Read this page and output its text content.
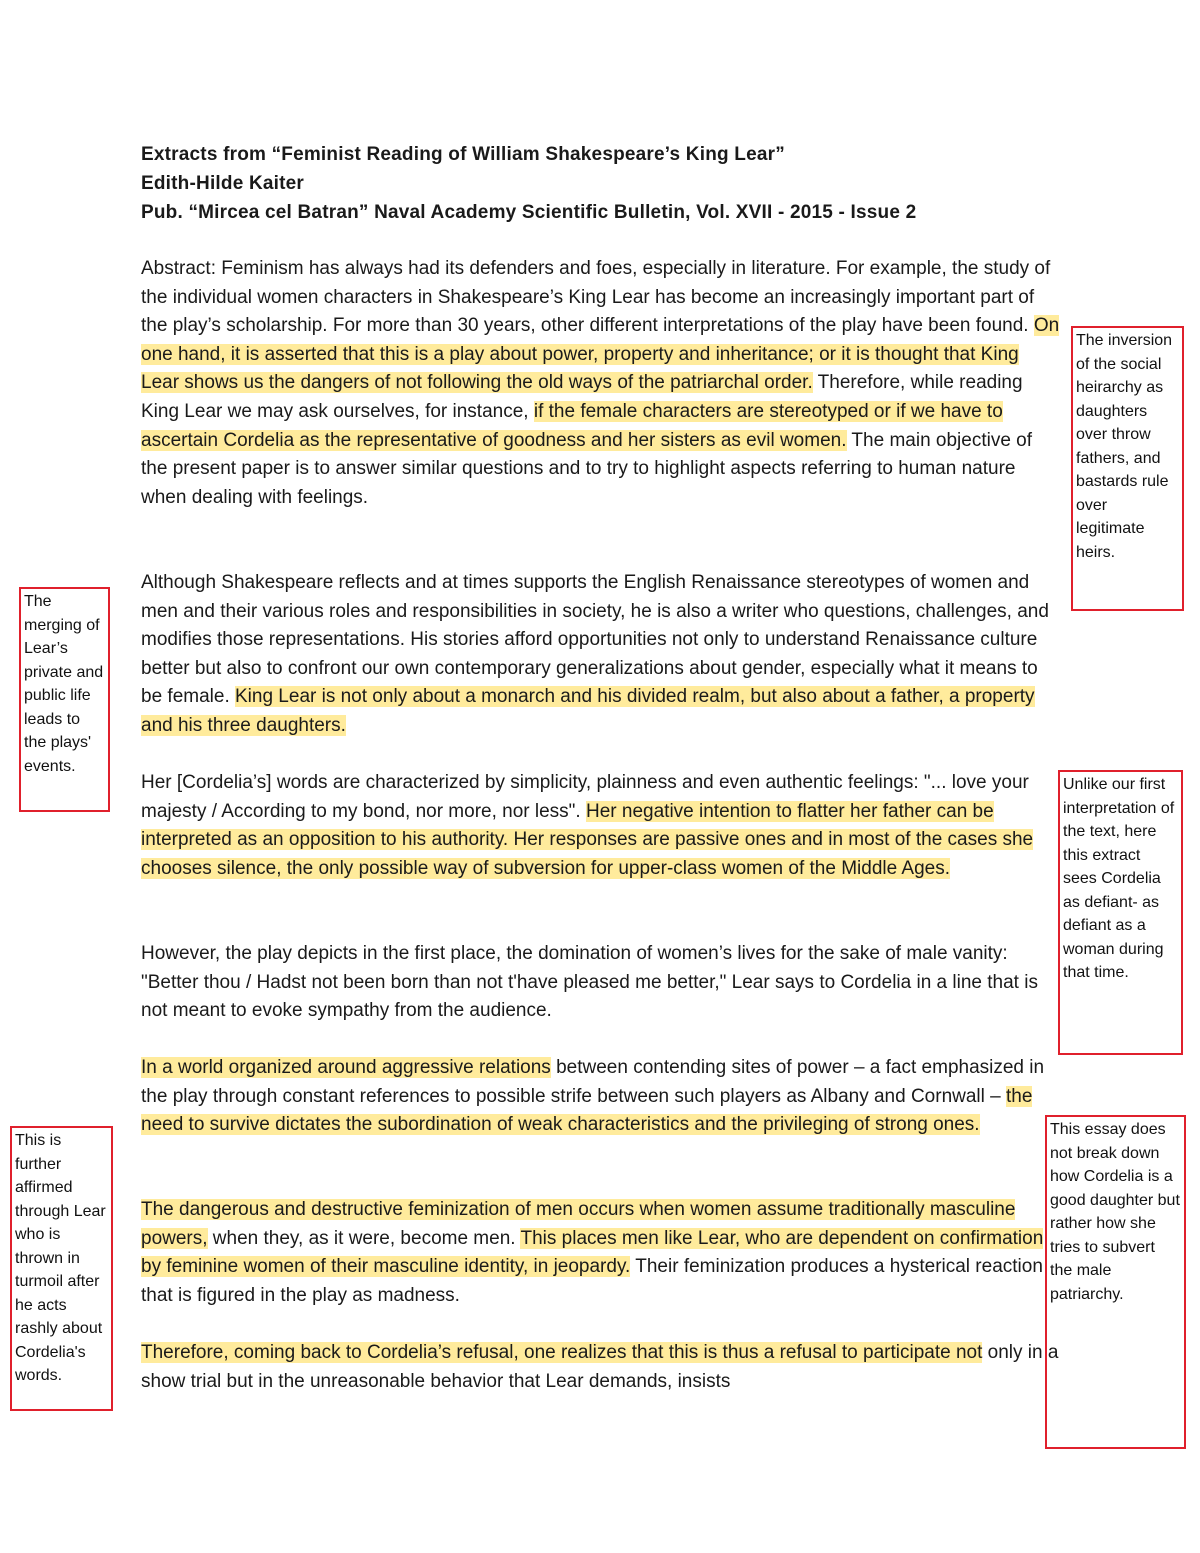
Extracts from “Feminist Reading of William Shakespeare’s King Lear”
Edith-Hilde Kaiter
Pub. “Mircea cel Batran” Naval Academy Scientific Bulletin, Vol. XVII - 2015 - Issue 2

Abstract: Feminism has always had its defenders and foes, especially in literature. For example, the study of the individual women characters in Shakespeare’s King Lear has become an increasingly important part of the play’s scholarship. For more than 30 years, other different interpretations of the play have been found. On one hand, it is asserted that this is a play about power, property and inheritance; or it is thought that King Lear shows us the dangers of not following the old ways of the patriarchal order. Therefore, while reading King Lear we may ask ourselves, for instance, if the female characters are stereotyped or if we have to ascertain Cordelia as the representative of goodness and her sisters as evil women. The main objective of the present paper is to answer similar questions and to try to highlight aspects referring to human nature when dealing with feelings.

Although Shakespeare reflects and at times supports the English Renaissance stereotypes of women and men and their various roles and responsibilities in society, he is also a writer who questions, challenges, and modifies those representations. His stories afford opportunities not only to understand Renaissance culture better but also to confront our own contemporary generalizations about gender, especially what it means to be female. King Lear is not only about a monarch and his divided realm, but also about a father, a property and his three daughters.

Her [Cordelia’s] words are characterized by simplicity, plainness and even authentic feelings: "... love your majesty / According to my bond, nor more, nor less". Her negative intention to flatter her father can be interpreted as an opposition to his authority. Her responses are passive ones and in most of the cases she chooses silence, the only possible way of subversion for upper-class women of the Middle Ages.

However, the play depicts in the first place, the domination of women’s lives for the sake of male vanity: "Better thou / Hadst not been born than not t'have pleased me better," Lear says to Cordelia in a line that is not meant to evoke sympathy from the audience.

In a world organized around aggressive relations between contending sites of power – a fact emphasized in the play through constant references to possible strife between such players as Albany and Cornwall – the need to survive dictates the subordination of weak characteristics and the privileging of strong ones.

The dangerous and destructive feminization of men occurs when women assume traditionally masculine powers, when they, as it were, become men. This places men like Lear, who are dependent on confirmation by feminine women of their masculine identity, in jeopardy. Their feminization produces a hysterical reaction that is figured in the play as madness.

Therefore, coming back to Cordelia’s refusal, one realizes that this is thus a refusal to participate not only in a show trial but in the unreasonable behavior that Lear demands, insists

The merging of Lear’s private and public life leads to the plays' events.
This is further affirmed through Lear who is thrown in turmoil after he acts rashly about Cordelia's words.
The inversion of the social heirarchy as daughters over throw fathers, and bastards rule over legitimate heirs.
Unlike our first interpretation of the text, here this extract sees Cordelia as defiant- as defiant as a woman during that time.
This essay does not break down how Cordelia is a good daughter but rather how she tries to subvert the male patriarchy.
